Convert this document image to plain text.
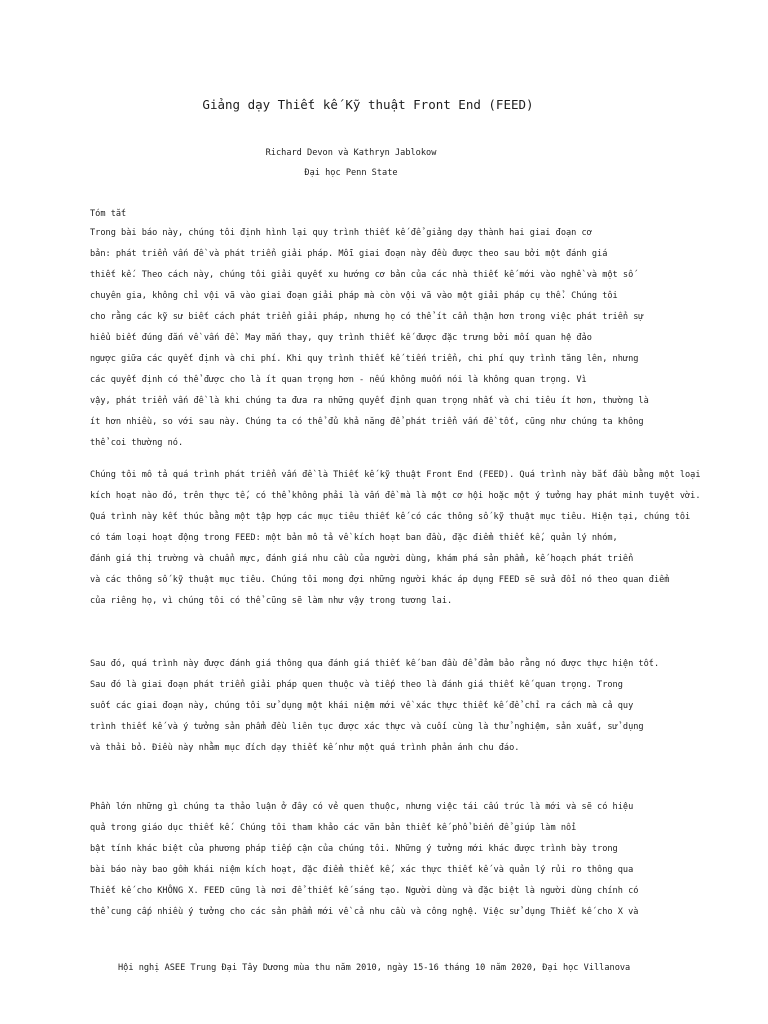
Giảng dạy Thiết kế Kỹ thuật Front End (FEED)
Richard Devon và Kathryn Jablokow
Đại học Penn State
Tóm tắt
Trong bài báo này, chúng tôi định hình lại quy trình thiết kế để giảng dạy thành hai giai đoạn cơ
bản: phát triển vấn đề và phát triển giải pháp. Mỗi giai đoạn này đều được theo sau bởi một đánh giá
thiết kế. Theo cách này, chúng tôi giải quyết xu hướng cơ bản của các nhà thiết kế mới vào nghề và một số
chuyên gia, không chỉ vội vã vào giai đoạn giải pháp mà còn vội vã vào một giải pháp cụ thể. Chúng tôi
cho rằng các kỹ sư biết cách phát triển giải pháp, nhưng họ có thể ít cẩn thận hơn trong việc phát triển sự
hiểu biết đúng đắn về vấn đề. May mắn thay, quy trình thiết kế được đặc trưng bởi mối quan hệ đảo
ngược giữa các quyết định và chi phí. Khi quy trình thiết kế tiến triển, chi phí quy trình tăng lên, nhưng
các quyết định có thể được cho là ít quan trọng hơn - nếu không muốn nói là không quan trọng. Vì
vậy, phát triển vấn đề là khi chúng ta đưa ra những quyết định quan trọng nhất và chi tiêu ít hơn, thường là
ít hơn nhiều, so với sau này. Chúng ta có thể đủ khả năng để phát triển vấn đề tốt, cũng như chúng ta không
thể coi thường nó.
Chúng tôi mô tả quá trình phát triển vấn đề là Thiết kế kỹ thuật Front End (FEED). Quá trình này bắt đầu bằng một loại
kích hoạt nào đó, trên thực tế, có thể không phải là vấn đề mà là một cơ hội hoặc một ý tưởng hay phát minh tuyệt vời.
Quá trình này kết thúc bằng một tập hợp các mục tiêu thiết kế có các thông số kỹ thuật mục tiêu. Hiện tại, chúng tôi
có tám loại hoạt động trong FEED: một bản mô tả về kích hoạt ban đầu, đặc điểm thiết kế, quản lý nhóm,
đánh giá thị trường và chuẩn mực, đánh giá nhu cầu của người dùng, khám phá sản phẩm, kế hoạch phát triển
và các thông số kỹ thuật mục tiêu. Chúng tôi mong đợi những người khác áp dụng FEED sẽ sửa đổi nó theo quan điểm
của riêng họ, vì chúng tôi có thể cũng sẽ làm như vậy trong tương lai.
Sau đó, quá trình này được đánh giá thông qua đánh giá thiết kế ban đầu để đảm bảo rằng nó được thực hiện tốt.
Sau đó là giai đoạn phát triển giải pháp quen thuộc và tiếp theo là đánh giá thiết kế quan trọng. Trong
suốt các giai đoạn này, chúng tôi sử dụng một khái niệm mới về xác thực thiết kế để chỉ ra cách mà cả quy
trình thiết kế và ý tưởng sản phẩm đều liên tục được xác thực và cuối cùng là thử nghiệm, sản xuất, sử dụng
và thải bỏ. Điều này nhằm mục đích dạy thiết kế như một quá trình phản ánh chu đáo.
Phần lớn những gì chúng ta thảo luận ở đây có vẻ quen thuộc, nhưng việc tái cấu trúc là mới và sẽ có hiệu
quả trong giáo dục thiết kế. Chúng tôi tham khảo các văn bản thiết kế phổ biến để giúp làm nổi
bật tính khác biệt của phương pháp tiếp cận của chúng tôi. Những ý tưởng mới khác được trình bày trong
bài báo này bao gồm khái niệm kích hoạt, đặc điểm thiết kế, xác thực thiết kế và quản lý rủi ro thông qua
Thiết kế cho KHÔNG X. FEED cũng là nơi để thiết kế sáng tạo. Người dùng và đặc biệt là người dùng chính có
thể cung cấp nhiều ý tưởng cho các sản phẩm mới về cả nhu cầu và công nghệ. Việc sử dụng Thiết kế cho X và
Hội nghị ASEE Trung Đại Tây Dương mùa thu năm 2010, ngày 15-16 tháng 10 năm 2020, Đại học Villanova
